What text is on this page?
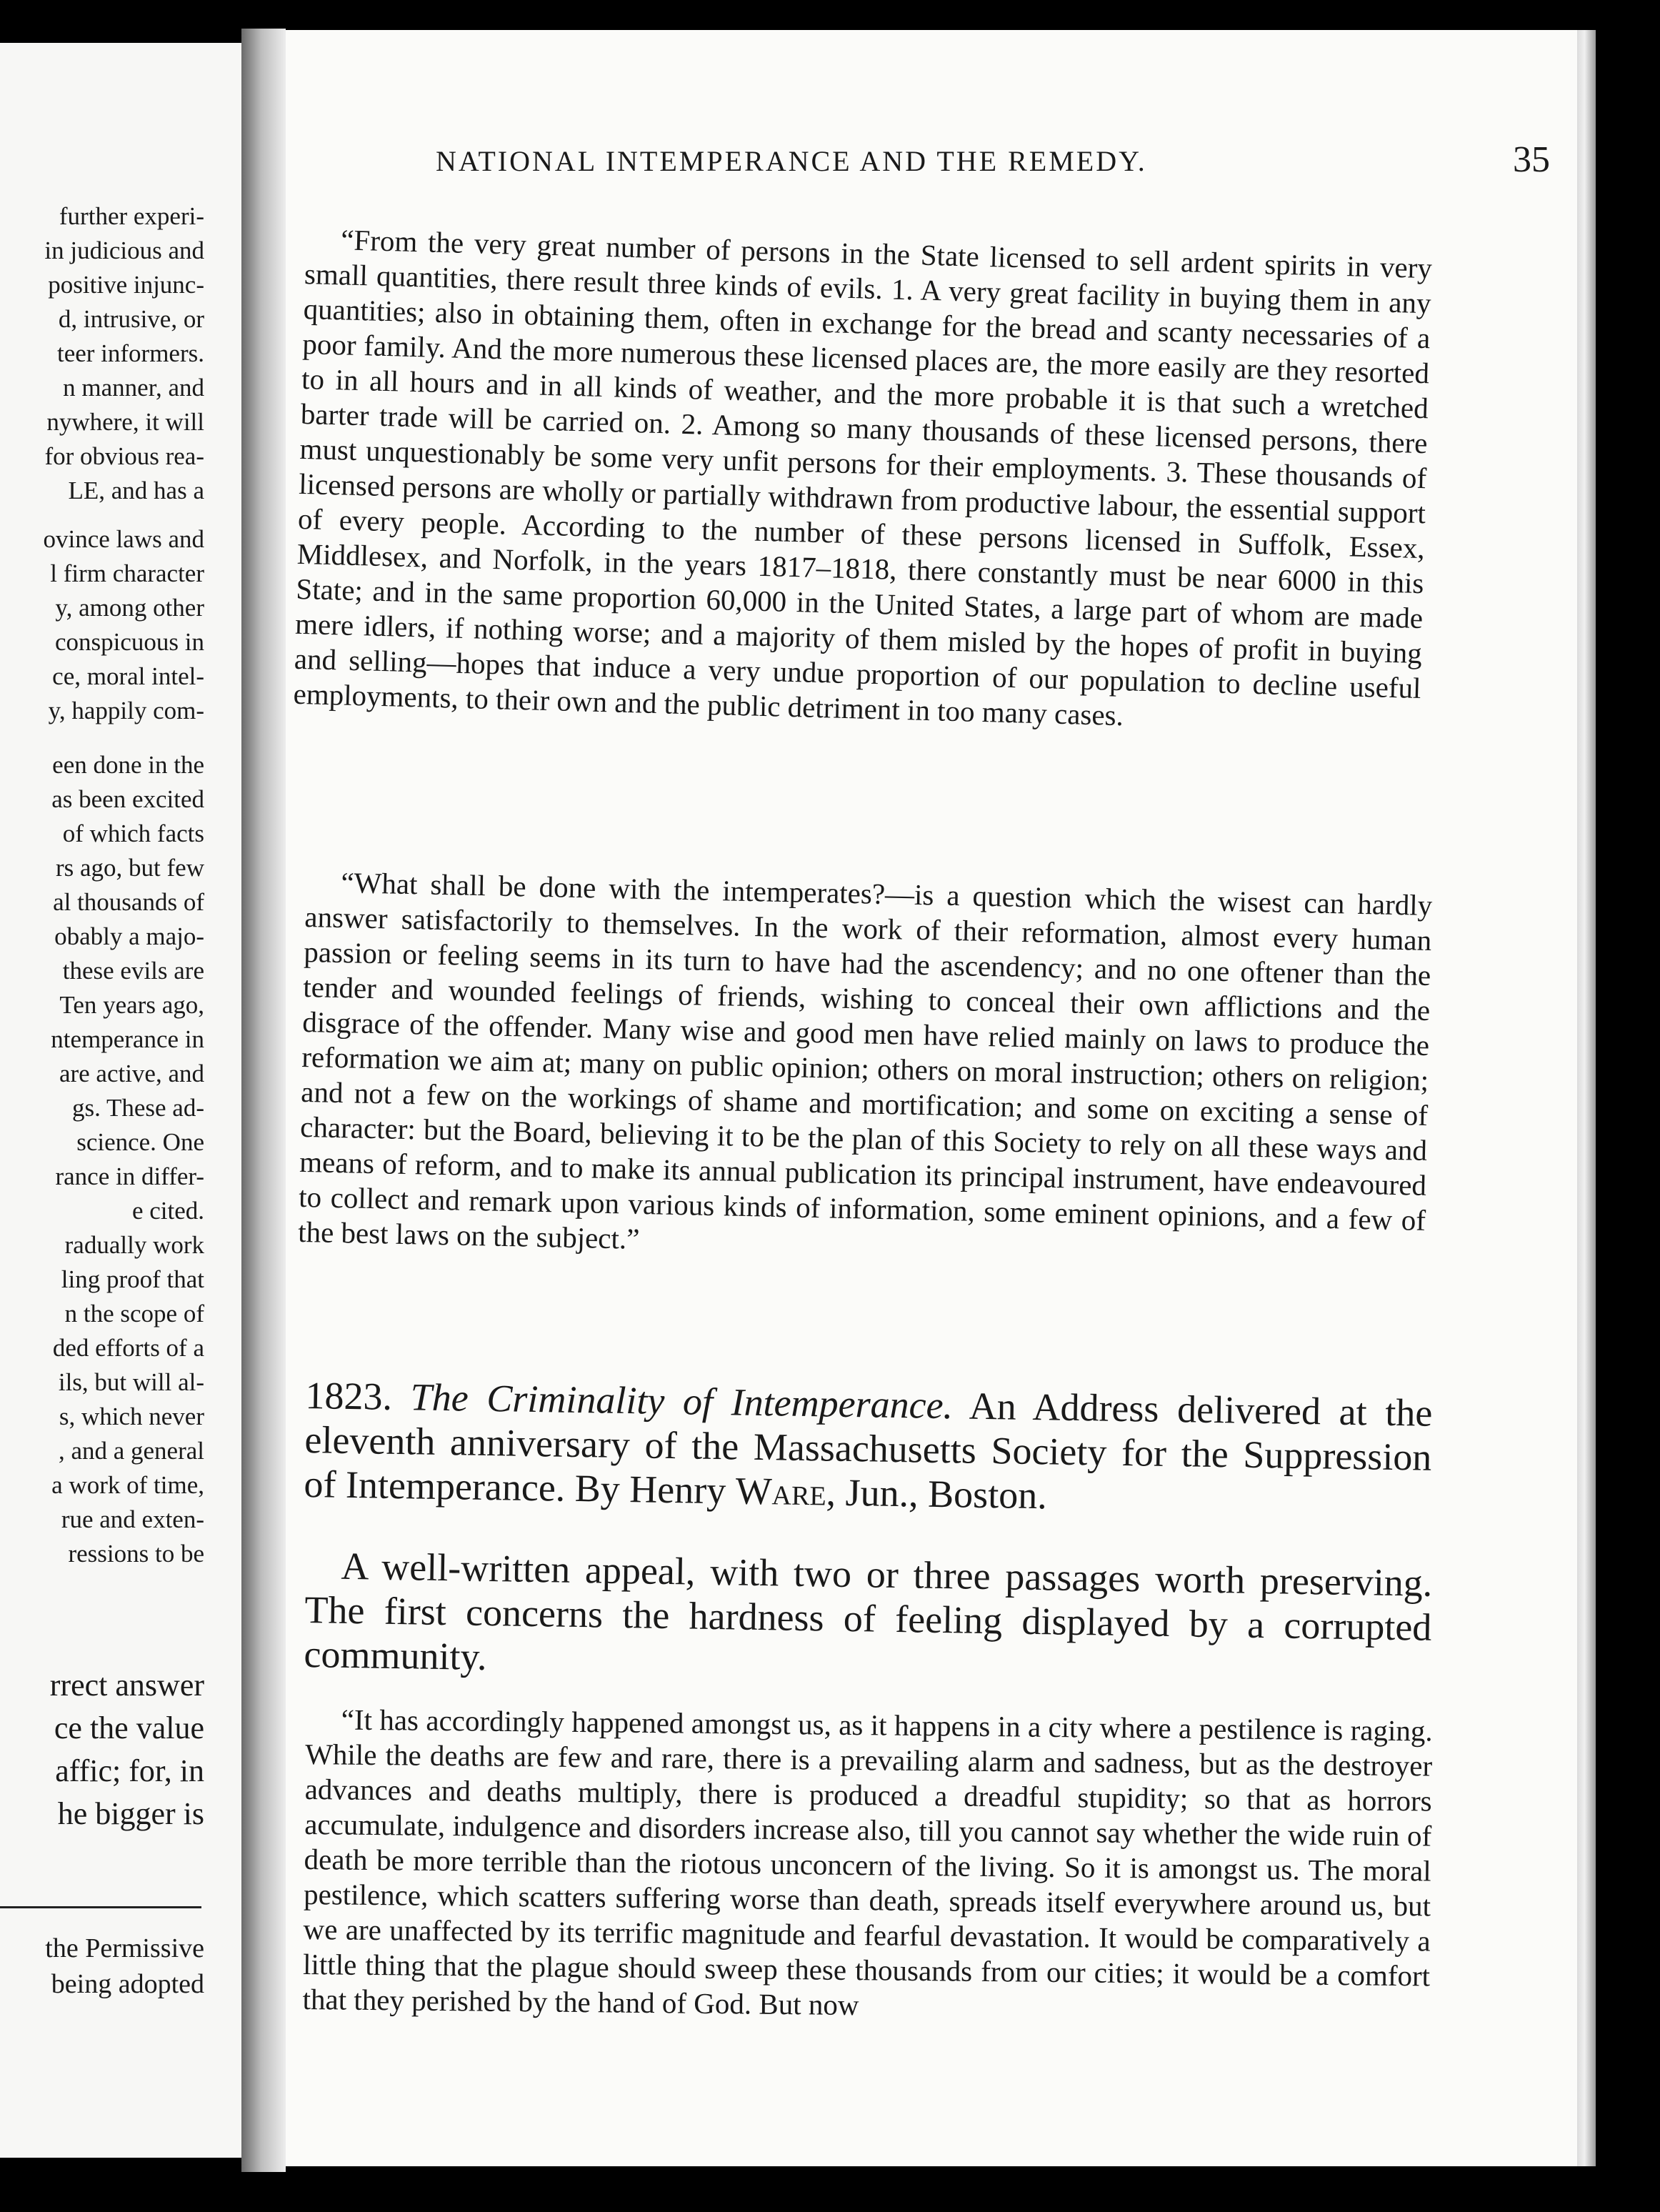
further experi-
in judicious and
positive injunc-
d, intrusive, or
teer informers.
n manner, and
nywhere, it will
for obvious rea-
LE, and has a
ovince laws and
l firm character
y, among other
conspicuous in
ce, moral intel-
y, happily com-
een done in the
as been excited
of which facts
rs ago, but few
al thousands of
obably a majo-
these evils are
Ten years ago,
ntemperance in
are active, and
gs. These ad-
science. One
rance in differ-
e cited.
radually work
ling proof that
n the scope of
ded efforts of a
ils, but will al-
s, which never
, and a general
a work of time,
rue and exten-
ressions to be
rrect answer
ce the value
affic; for, in
he bigger is
the Permissive
being adopted
NATIONAL INTEMPERANCE AND THE REMEDY.	35
“From the very great number of persons in the State licensed to sell ardent spirits in very small quantities, there result three kinds of evils. 1. A very great facility in buying them in any quantities; also in obtaining them, often in exchange for the bread and scanty necessaries of a poor family. And the more numerous these licensed places are, the more easily are they resorted to in all hours and in all kinds of weather, and the more probable it is that such a wretched barter trade will be carried on. 2. Among so many thousands of these licensed persons, there must unquestionably be some very unfit persons for their employments. 3. These thousands of licensed persons are wholly or partially withdrawn from productive labour, the essential support of every people. According to the number of these persons licensed in Suffolk, Essex, Middlesex, and Norfolk, in the years 1817–1818, there constantly must be near 6000 in this State; and in the same proportion 60,000 in the United States, a large part of whom are made mere idlers, if nothing worse; and a majority of them misled by the hopes of profit in buying and selling—hopes that induce a very undue proportion of our population to decline useful employments, to their own and the public detriment in too many cases.
“What shall be done with the intemperates?—is a question which the wisest can hardly answer satisfactorily to themselves. In the work of their reformation, almost every human passion or feeling seems in its turn to have had the ascendency; and no one oftener than the tender and wounded feelings of friends, wishing to conceal their own afflictions and the disgrace of the offender. Many wise and good men have relied mainly on laws to produce the reformation we aim at; many on public opinion; others on moral instruction; others on religion; and not a few on the workings of shame and mortification; and some on exciting a sense of character: but the Board, believing it to be the plan of this Society to rely on all these ways and means of reform, and to make its annual publication its principal instrument, have endeavoured to collect and remark upon various kinds of information, some eminent opinions, and a few of the best laws on the subject.”
1823. The Criminality of Intemperance. An Address delivered at the eleventh anniversary of the Massachusetts Society for the Suppression of Intemperance. By Henry Ware, Jun., Boston.
A well-written appeal, with two or three passages worth preserving. The first concerns the hardness of feeling displayed by a corrupted community.
“It has accordingly happened amongst us, as it happens in a city where a pestilence is raging. While the deaths are few and rare, there is a prevailing alarm and sadness, but as the destroyer advances and deaths multiply, there is produced a dreadful stupidity; so that as horrors accumulate, indulgence and disorders increase also, till you cannot say whether the wide ruin of death be more terrible than the riotous unconcern of the living. So it is amongst us. The moral pestilence, which scatters suffering worse than death, spreads itself everywhere around us, but we are unaffected by its terrific magnitude and fearful devastation. It would be comparatively a little thing that the plague should sweep these thousands from our cities; it would be a comfort that they perished by the hand of God. But now
